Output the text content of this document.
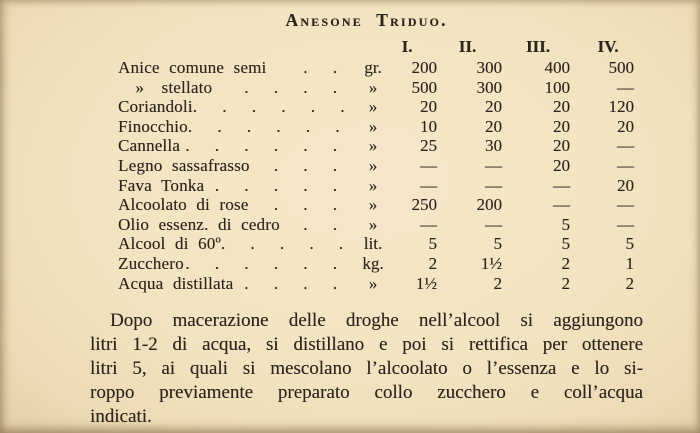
Anesone Triduo.
I.	II.	III.	IV.
Anice comune semi	. .	gr.	200	300	400	500
  »  stellato	. . . .	»	500	300	100	—
Coriandoli . . . . . .	»	20	20	20	120
Finocchio . . . . . .	»	10	20	20	20
Cannella . . . . . .	»	25	30	20	—
Legno sassafrasso	. . .	»	—	—	20	—
Fava Tonka . . . . .	»	—	—	—	20
Alcoolato di rose	. . .	»	250	200	—	—
Olio essenz. di cedro	. .	»	—	—	5	—
Alcool di 60º . . . . .	lit.	5	5	5	5
Zucchero . . . . . .	kg.	2	1½	2	1
Acqua distillata . . . .	»	1½	2	2	2
Dopo macerazione delle droghe nell’alcool si aggiungono
litri 1-2 di acqua, si distillano e poi si rettifica per ottenere
litri 5, ai quali si mescolano l’alcoolato o l’essenza e lo si-
roppo previamente preparato collo zucchero e coll’acqua
indicati.
